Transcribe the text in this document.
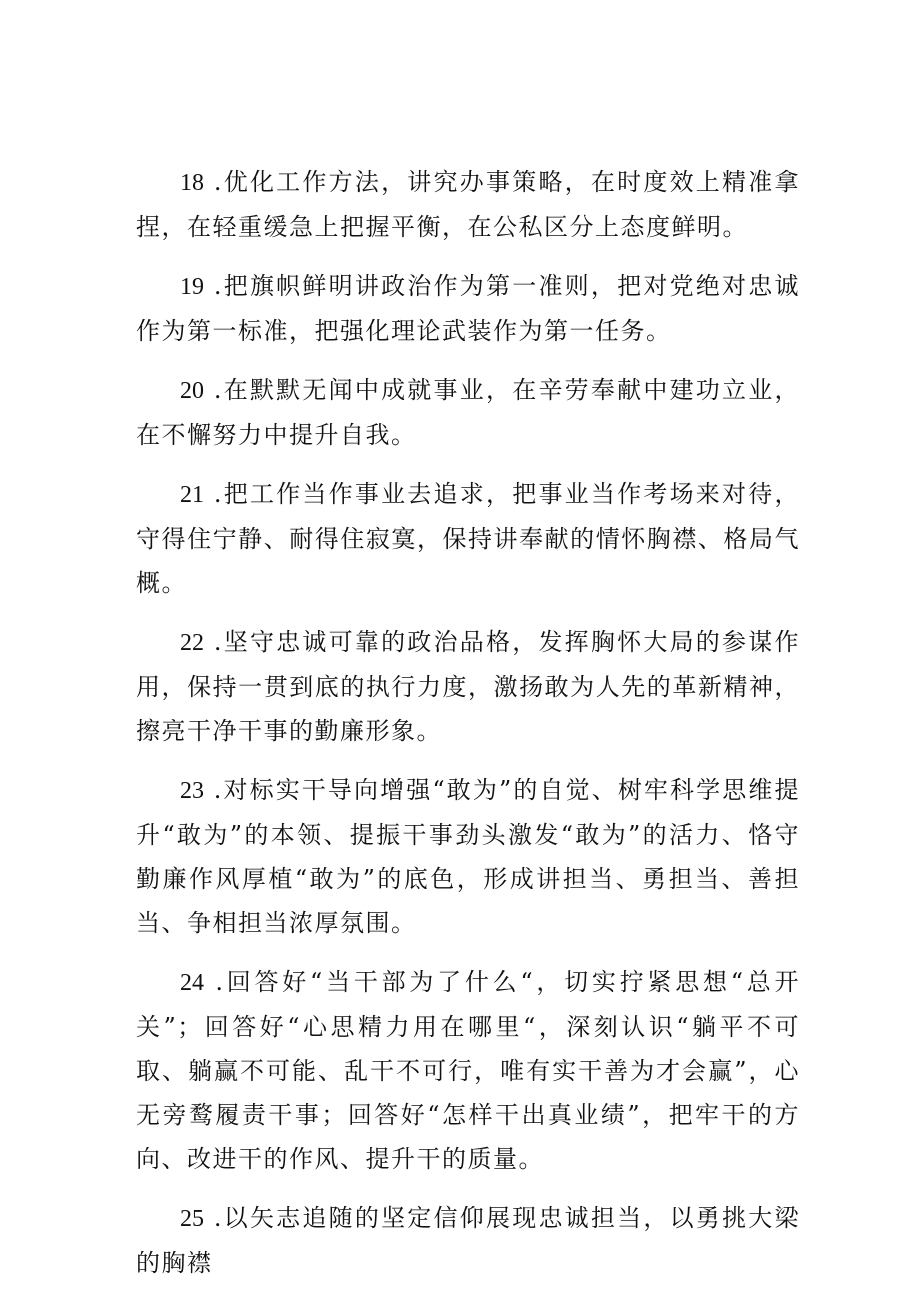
18 .优化工作方法，讲究办事策略，在时度效上精准拿捏，在轻重缓急上把握平衡，在公私区分上态度鲜明。

19 .把旗帜鲜明讲政治作为第一准则，把对党绝对忠诚作为第一标准，把强化理论武装作为第一任务。

20 .在默默无闻中成就事业，在辛劳奉献中建功立业，在不懈努力中提升自我。

21 .把工作当作事业去追求，把事业当作考场来对待，守得住宁静、耐得住寂寞，保持讲奉献的情怀胸襟、格局气概。

22 .坚守忠诚可靠的政治品格，发挥胸怀大局的参谋作用，保持一贯到底的执行力度，激扬敢为人先的革新精神，擦亮干净干事的勤廉形象。

23 .对标实干导向增强“敢为”的自觉、树牢科学思维提升“敢为”的本领、提振干事劲头激发“敢为”的活力、恪守勤廉作风厚植“敢为”的底色，形成讲担当、勇担当、善担当、争相担当浓厚氛围。

24 .回答好“当干部为了什么“，切实拧紧思想“总开关”；回答好“心思精力用在哪里“，深刻认识“躺平不可取、躺赢不可能、乱干不可行，唯有实干善为才会赢”，心无旁鹜履责干事；回答好“怎样干出真业绩”，把牢干的方向、改进干的作风、提升干的质量。

25 .以矢志追随的坚定信仰展现忠诚担当，以勇挑大梁的胸襟
